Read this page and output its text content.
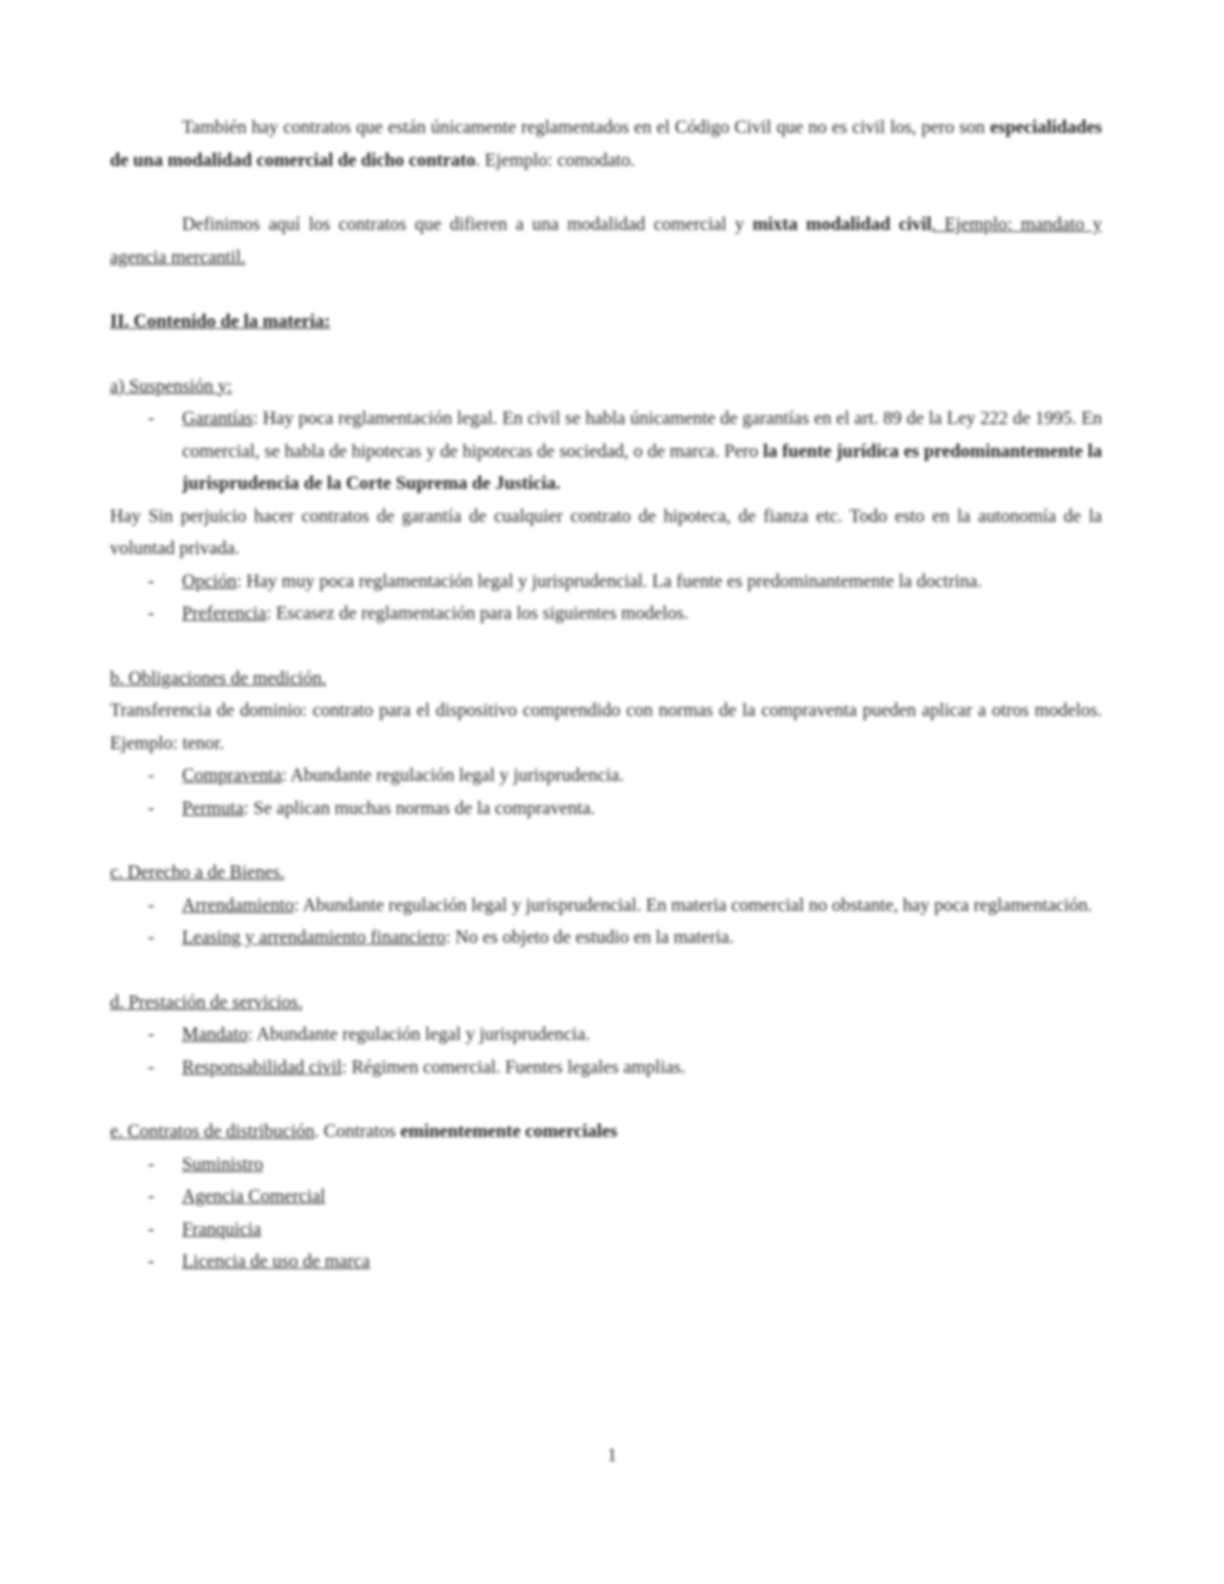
También hay contratos que están únicamente reglamentados en el Código Civil que no es civil los, pero son especialidades de una modalidad comercial de dicho contrato. Ejemplo: comodato.

Definimos aquí los contratos que difieren a una modalidad comercial y mixta modalidad civil. Ejemplo: mandato y agencia mercantil.

II. Contenido de la materia:

a) Suspensión y:

- Garantías: Hay poca reglamentación legal. En civil se habla únicamente de garantías en el art. 89 de la Ley 222 de 1995. En comercial, se habla de hipotecas y de hipotecas de sociedad, o de marca. Pero la fuente jurídica es predominantemente la jurisprudencia de la Corte Suprema de Justicia.

Hay Sin perjuicio hacer contratos de garantía de cualquier contrato de hipoteca, de fianza etc. Todo esto en la autonomía de la voluntad privada.

- Opción: Hay muy poca reglamentación legal y jurisprudencial. La fuente es predominantemente la doctrina.
- Preferencia: Escasez de reglamentación para los siguientes modelos.

b. Obligaciones de medición.

Transferencia de dominio: contrato para el dispositivo comprendido con normas de la compraventa pueden aplicar a otros modelos. Ejemplo: tenor.

- Compraventa: Abundante regulación legal y jurisprudencia.
- Permuta: Se aplican muchas normas de la compraventa.

c. Derecho a de Bienes.

- Arrendamiento: Abundante regulación legal y jurisprudencial. En materia comercial no obstante, hay poca reglamentación.
- Leasing y arrendamiento financiero: No es objeto de estudio en la materia.

d. Prestación de servicios.

- Mandato: Abundante regulación legal y jurisprudencia.
- Responsabilidad civil: Régimen comercial. Fuentes legales amplias.

e. Contratos de distribución. Contratos eminentemente comerciales

- Suministro
- Agencia Comercial
- Franquicia
- Licencia de uso de marca
1
